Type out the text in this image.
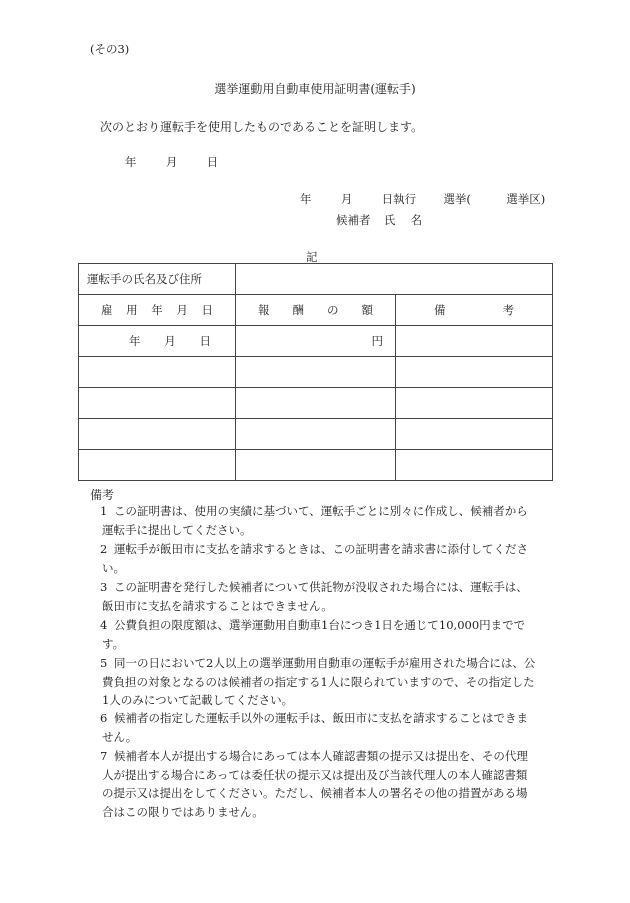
(その3)
選挙運動用自動車使用証明書(運転手)
次のとおり運転手を使用したものであることを証明します。
年	月	日
年	月	日執行 選挙(	選挙区)
候補者 氏 名
記
運転手の氏名及び住所		

雇 用 年 月 日	報 酬 の 額	備 考

年 月 日	円	

備考
1 この証明書は、使用の実績に基づいて、運転手ごとに別々に作成し、候補者から
運転手に提出してください。
2 運転手が飯田市に支払を請求するときは、この証明書を請求書に添付してくださ
い。
3 この証明書を発行した候補者について供託物が没収された場合には、運転手は、
飯田市に支払を請求することはできません。
4 公費負担の限度額は、選挙運動用自動車1台につき1日を通じて10,000円までで
す。
5 同一の日において2人以上の選挙運動用自動車の運転手が雇用された場合には、公
費負担の対象となるのは候補者の指定する1人に限られていますので、その指定した
1人のみについて記載してください。
6 候補者の指定した運転手以外の運転手は、飯田市に支払を請求することはできま
せん。
7 候補者本人が提出する場合にあっては本人確認書類の提示又は提出を、その代理
人が提出する場合にあっては委任状の提示又は提出及び当該代理人の本人確認書類
の提示又は提出をしてください。ただし、候補者本人の署名その他の措置がある場
合はこの限りではありません。
